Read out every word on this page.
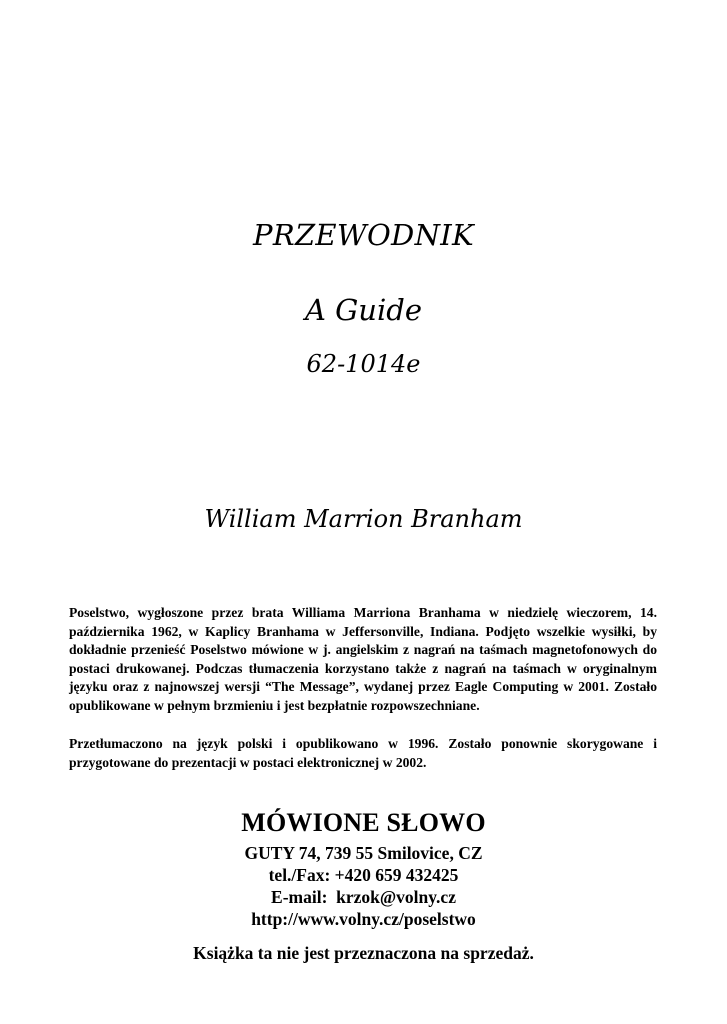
PRZEWODNIK
A Guide
62-1014e
William Marrion Branham

Poselstwo, wygłoszone przez brata Williama Marriona Branhama w niedzielę wieczorem, 14. października 1962, w Kaplicy Branhama w Jeffersonville, Indiana. Podjęto wszelkie wysiłki, by dokładnie przenieść Poselstwo mówione w j. angielskim z nagrań na taśmach magnetofonowych do postaci drukowanej. Podczas tłumaczenia korzystano także z nagrań na taśmach w oryginalnym języku oraz z najnowszej wersji “The Message”, wydanej przez Eagle Computing w 2001. Zostało opublikowane w pełnym brzmieniu i jest bezpłatnie rozpowszechniane.

Przetłumaczono na język polski i opublikowano w 1996. Zostało ponownie skorygowane i przygotowane do prezentacji w postaci elektronicznej w 2002.

MÓWIONE SŁOWO
GUTY 74, 739 55 Smilovice, CZ
tel./Fax: +420 659 432425
E-mail:  krzok@volny.cz
http://www.volny.cz/poselstwo
Książka ta nie jest przeznaczona na sprzedaż.
